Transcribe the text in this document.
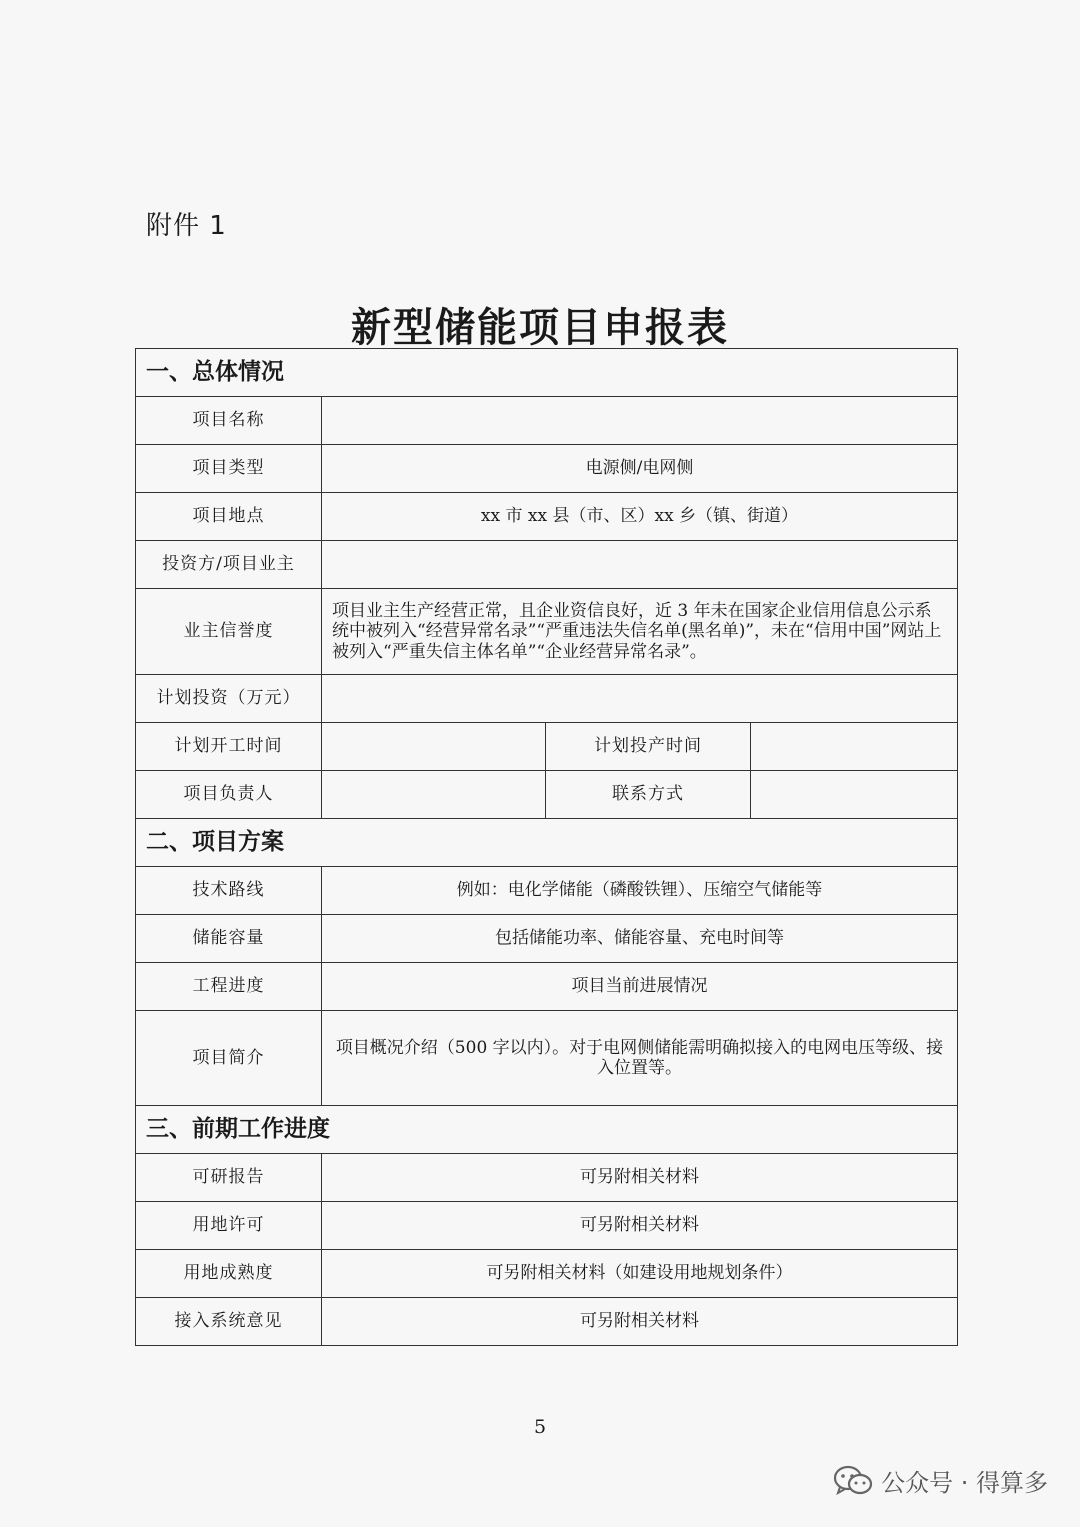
附件 1
新型储能项目申报表
一、总体情况			
项目名称			
项目类型	电源侧/电网侧		
项目地点	xx 市 xx 县（市、区）xx 乡（镇、街道）		
投资方/项目业主			
业主信誉度	项目业主生产经营正常，且企业资信良好，近 3 年未在国家企业信用信息公示系统中被列入“经营异常名录”“严重违法失信名单(黑名单)”，未在“信用中国”网站上被列入“严重失信主体名单”“企业经营异常名录”。		
计划投资（万元）			
计划开工时间		计划投产时间	
项目负责人		联系方式	
二、项目方案			
技术路线	例如：电化学储能（磷酸铁锂）、压缩空气储能等		
储能容量	包括储能功率、储能容量、充电时间等		
工程进度	项目当前进展情况		
项目简介	项目概况介绍（500 字以内）。对于电网侧储能需明确拟接入的电网电压等级、接入位置等。		
三、前期工作进度			
可研报告	可另附相关材料		
用地许可	可另附相关材料		
用地成熟度	可另附相关材料（如建设用地规划条件）		
接入系统意见	可另附相关材料		
5
公众号 · 得算多
